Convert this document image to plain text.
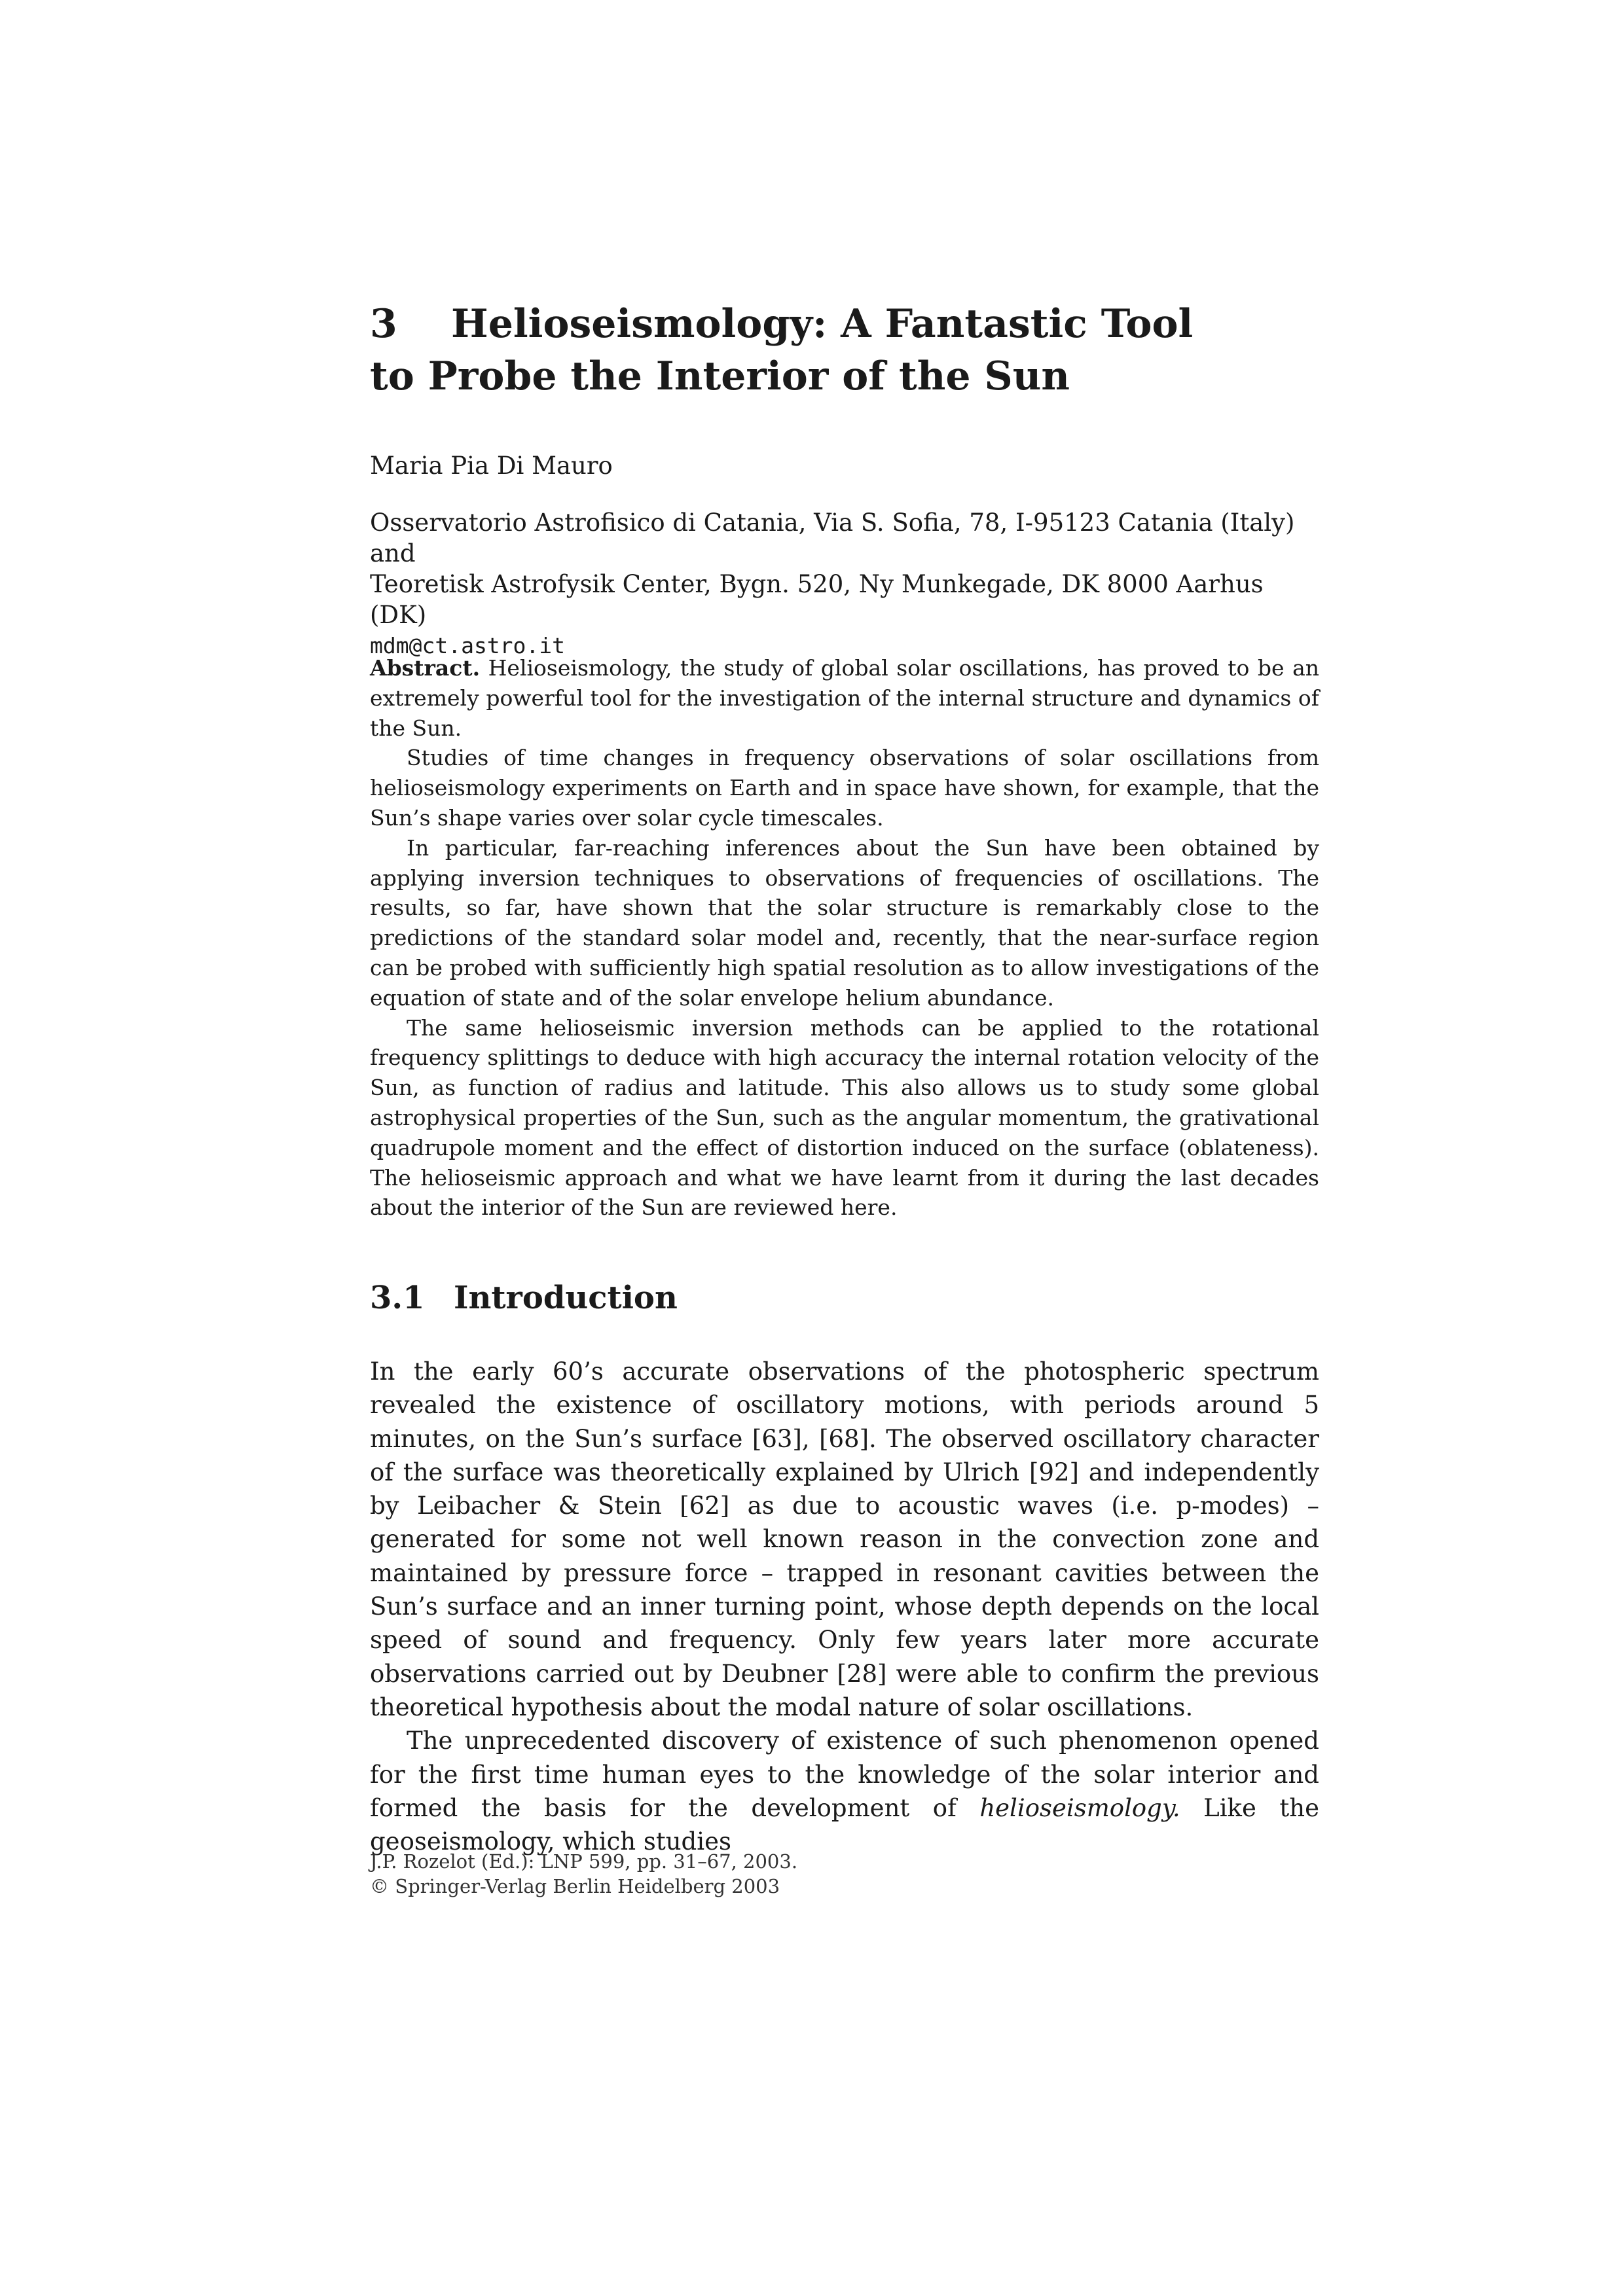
3 Helioseismology: A Fantastic Tool
to Probe the Interior of the Sun

Maria Pia Di Mauro

Osservatorio Astrofisico di Catania, Via S. Sofia, 78, I-95123 Catania (Italy) and
Teoretisk Astrofysik Center, Bygn. 520, Ny Munkegade, DK 8000 Aarhus (DK)
mdm@ct.astro.it

Abstract. Helioseismology, the study of global solar oscillations, has proved to be an extremely powerful tool for the investigation of the internal structure and dynamics of the Sun.

Studies of time changes in frequency observations of solar oscillations from helioseismology experiments on Earth and in space have shown, for example, that the Sun’s shape varies over solar cycle timescales.

In particular, far-reaching inferences about the Sun have been obtained by applying inversion techniques to observations of frequencies of oscillations. The results, so far, have shown that the solar structure is remarkably close to the predictions of the standard solar model and, recently, that the near-surface region can be probed with sufficiently high spatial resolution as to allow investigations of the equation of state and of the solar envelope helium abundance.

The same helioseismic inversion methods can be applied to the rotational frequency splittings to deduce with high accuracy the internal rotation velocity of the Sun, as function of radius and latitude. This also allows us to study some global astrophysical properties of the Sun, such as the angular momentum, the grativational quadrupole moment and the effect of distortion induced on the surface (oblateness). The helioseismic approach and what we have learnt from it during the last decades about the interior of the Sun are reviewed here.

3.1 Introduction

In the early 60’s accurate observations of the photospheric spectrum revealed the existence of oscillatory motions, with periods around 5 minutes, on the Sun’s surface [63], [68]. The observed oscillatory character of the surface was theoretically explained by Ulrich [92] and independently by Leibacher & Stein [62] as due to acoustic waves (i.e. p-modes) – generated for some not well known reason in the convection zone and maintained by pressure force – trapped in resonant cavities between the Sun’s surface and an inner turning point, whose depth depends on the local speed of sound and frequency. Only few years later more accurate observations carried out by Deubner [28] were able to confirm the previous theoretical hypothesis about the modal nature of solar oscillations.

The unprecedented discovery of existence of such phenomenon opened for the first time human eyes to the knowledge of the solar interior and formed the basis for the development of helioseismology. Like the geoseismology, which studies

J.P. Rozelot (Ed.): LNP 599, pp. 31–67, 2003.
© Springer-Verlag Berlin Heidelberg 2003
